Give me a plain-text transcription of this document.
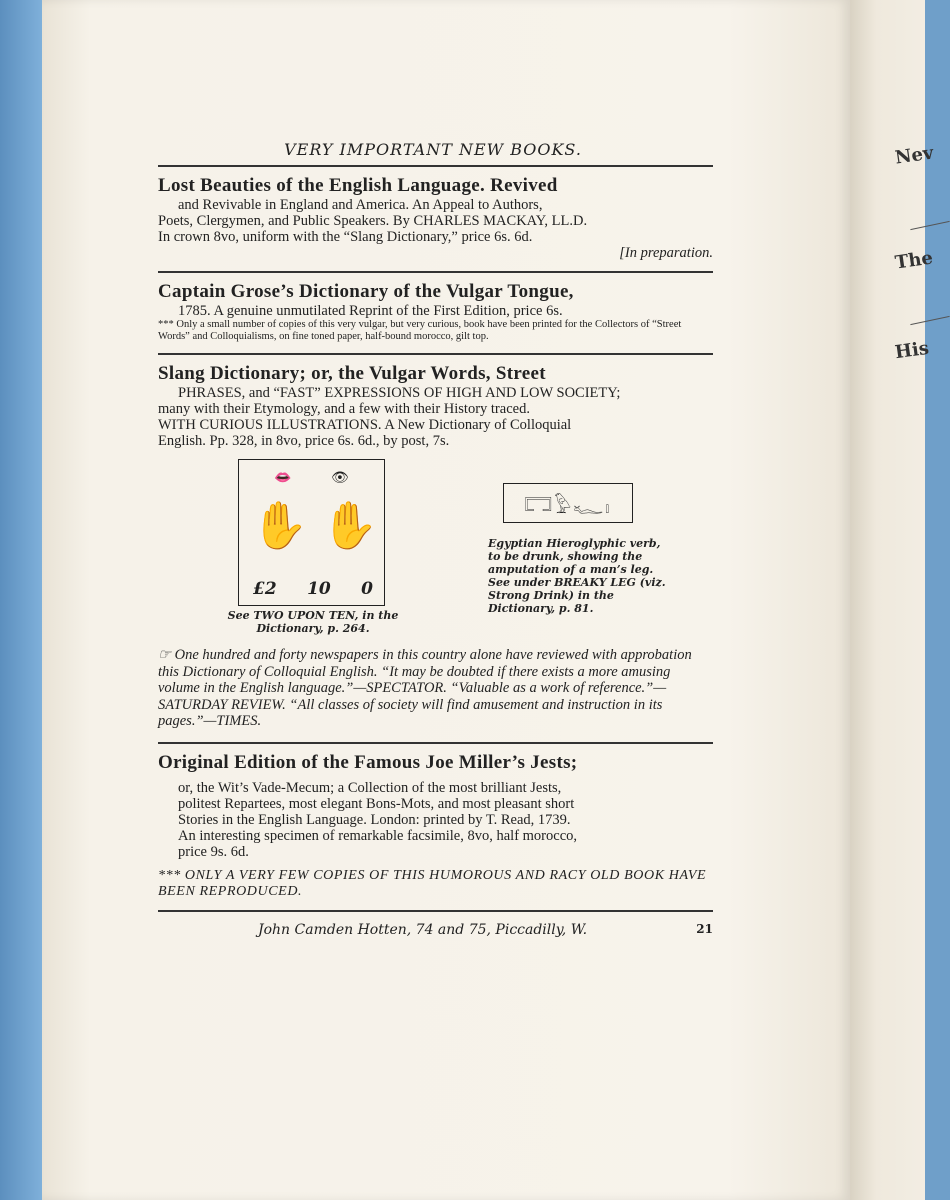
Nev
The
His
VERY IMPORTANT NEW BOOKS.
Lost Beauties of the English Language. Revived
and Revivable in England and America. An Appeal to Authors,
Poets, Clergymen, and Public Speakers. By CHARLES MACKAY, LL.D.
In crown 8vo, uniform with the “Slang Dictionary,” price 6s. 6d.
[In preparation.
Captain Grose’s Dictionary of the Vulgar Tongue,
1785. A genuine unmutilated Reprint of the First Edition, price 6s.
*** Only a small number of copies of this very vulgar, but very curious, book have been printed for the Collectors of “Street Words” and Colloquialisms, on fine toned paper, half-bound morocco, gilt top.
Slang Dictionary; or, the Vulgar Words, Street
PHRASES, and “FAST” EXPRESSIONS OF HIGH AND LOW SOCIETY;
many with their Etymology, and a few with their History traced.
WITH CURIOUS ILLUSTRATIONS. A New Dictionary of Colloquial
English. Pp. 328, in 8vo, price 6s. 6d., by post, 7s.
👄	👁
✋ ✋
£2 10 0
See TWO UPON TEN, in the Dictionary, p. 264.
𓉐𓅱𓆑𓏤
Egyptian Hieroglyphic verb, to be drunk, showing the amputation of a man’s leg. See under BREAKY LEG (viz. Strong Drink) in the Dictionary, p. 81.
☞ One hundred and forty newspapers in this country alone have reviewed with approbation this Dictionary of Colloquial English. “It may be doubted if there exists a more amusing volume in the English language.”—SPECTATOR. “Valuable as a work of reference.”—SATURDAY REVIEW. “All classes of society will find amusement and instruction in its pages.”—TIMES.
Original Edition of the Famous Joe Miller’s Jests;
or, the Wit’s Vade-Mecum; a Collection of the most brilliant Jests,
politest Repartees, most elegant Bons-Mots, and most pleasant short
Stories in the English Language. London: printed by T. Read, 1739.
An interesting specimen of remarkable facsimile, 8vo, half morocco,
price 9s. 6d.
*** ONLY A VERY FEW COPIES OF THIS HUMOROUS AND RACY OLD BOOK HAVE BEEN REPRODUCED.
John Camden Hotten, 74 and 75, Piccadilly, W.	21
